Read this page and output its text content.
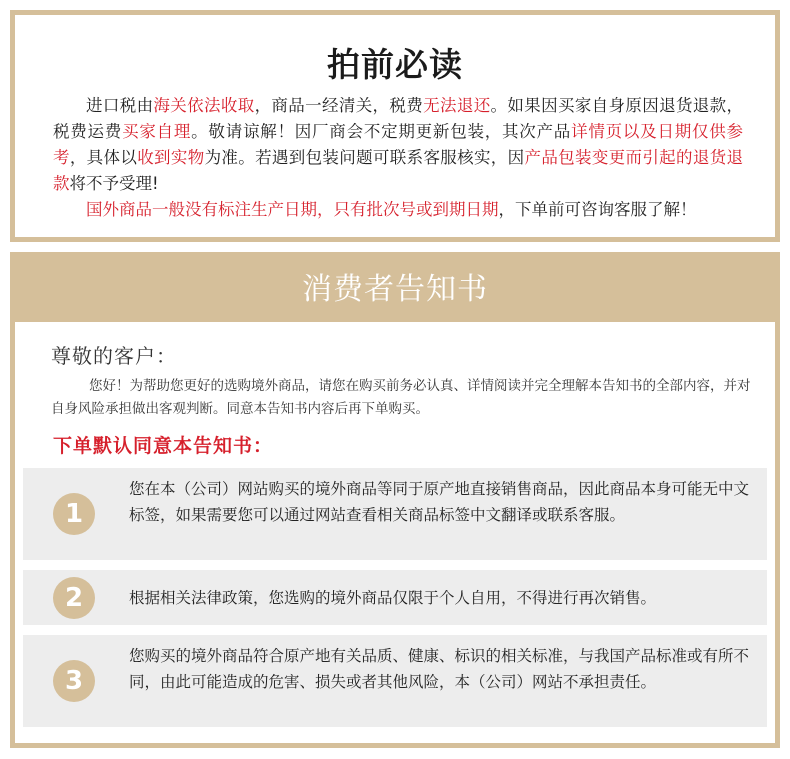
拍前必读

进口税由海关依法收取，商品一经清关，税费无法退还。如果因买家自身原因退货退款，税费运费买家自理。敬请谅解！因厂商会不定期更新包装，其次产品详情页以及日期仅供参考，具体以收到实物为准。若遇到包装问题可联系客服核实，因产品包装变更而引起的退货退款将不予受理!

国外商品一般没有标注生产日期，只有批次号或到期日期，下单前可咨询客服了解！

消费者告知书
尊敬的客户：

您好！为帮助您更好的选购境外商品，请您在购买前务必认真、详情阅读并完全理解本告知书的全部内容，并对自身风险承担做出客观判断。同意本告知书内容后再下单购买。

下单默认同意本告知书：
1
您在本（公司）网站购买的境外商品等同于原产地直接销售商品，因此商品本身可能无中文标签，如果需要您可以通过网站查看相关商品标签中文翻译或联系客服。
2	根据相关法律政策，您选购的境外商品仅限于个人自用，不得进行再次销售。
3
您购买的境外商品符合原产地有关品质、健康、标识的相关标准，与我国产品标准或有所不同，由此可能造成的危害、损失或者其他风险，本（公司）网站不承担责任。
